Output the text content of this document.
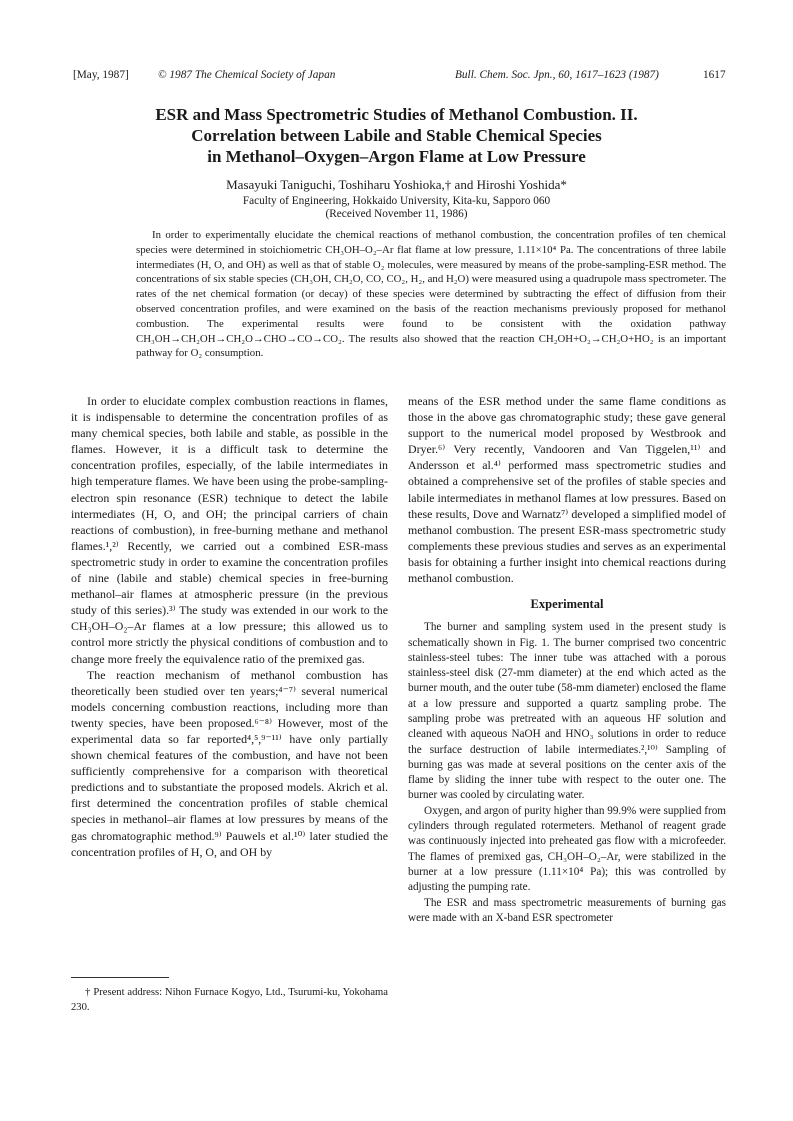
[May, 1987]	© 1987 The Chemical Society of Japan	Bull. Chem. Soc. Jpn., 60, 1617–1623 (1987)	1617
ESR and Mass Spectrometric Studies of Methanol Combustion. II.
Correlation between Labile and Stable Chemical Species
in Methanol–Oxygen–Argon Flame at Low Pressure
Masayuki Taniguchi, Toshiharu Yoshioka,† and Hiroshi Yoshida*
Faculty of Engineering, Hokkaido University, Kita-ku, Sapporo 060
(Received November 11, 1986)

In order to experimentally elucidate the chemical reactions of methanol combustion, the concentration profiles of ten chemical species were determined in stoichiometric CH₃OH–O₂–Ar flat flame at low pressure, 1.11×10⁴ Pa. The concentrations of three labile intermediates (H, O, and OH) as well as that of stable O₂ molecules, were measured by means of the probe-sampling-ESR method. The concentrations of six stable species (CH₃OH, CH₂O, CO, CO₂, H₂, and H₂O) were measured using a quadrupole mass spectrometer. The rates of the net chemical formation (or decay) of these species were determined by subtracting the effect of diffusion from their observed concentration profiles, and were examined on the basis of the reaction mechanisms previously proposed for methanol combustion. The experimental results were found to be consistent with the oxidation pathway CH₃OH→CH₂OH→CH₂O→CHO→CO→CO₂. The results also showed that the reaction CH₂OH+O₂→CH₂O+HO₂ is an important pathway for O₂ consumption.

In order to elucidate complex combustion reactions in flames, it is indispensable to determine the concentration profiles of as many chemical species, both labile and stable, as possible in the flames. However, it is a difficult task to determine the concentration profiles, especially, of the labile intermediates in high temperature flames. We have been using the probe-sampling-electron spin resonance (ESR) technique to detect the labile intermediates (H, O, and OH; the principal carriers of chain reactions of combustion), in free-burning methane and methanol flames.¹,²⁾ Recently, we carried out a combined ESR-mass spectrometric study in order to examine the concentration profiles of nine (labile and stable) chemical species in free-burning methanol–air flames at atmospheric pressure (in the previous study of this series).³⁾ The study was extended in our work to the CH₃OH–O₂–Ar flames at a low pressure; this allowed us to control more strictly the physical conditions of combustion and to change more freely the equivalence ratio of the premixed gas.

The reaction mechanism of methanol combustion has theoretically been studied over ten years;⁴⁻⁷⁾ several numerical models concerning combustion reactions, including more than twenty species, have been proposed.⁶⁻⁸⁾ However, most of the experimental data so far reported⁴,⁵,⁹⁻¹¹⁾ have only partially shown chemical features of the combustion, and have not been sufficiently comprehensive for a comparison with theoretical predictions and to substantiate the proposed models. Akrich et al. first determined the concentration profiles of stable chemical species in methanol–air flames at low pressures by means of the gas chromatographic method.⁹⁾ Pauwels et al.¹⁰⁾ later studied the concentration profiles of H, O, and OH by

means of the ESR method under the same flame conditions as those in the above gas chromatographic study; these gave general support to the numerical model proposed by Westbrook and Dryer.⁶⁾ Very recently, Vandooren and Van Tiggelen,¹¹⁾ and Andersson et al.⁴⁾ performed mass spectrometric studies and obtained a comprehensive set of the profiles of stable species and labile intermediates in methanol flames at low pressures. Based on these results, Dove and Warnatz⁷⁾ developed a simplified model of methanol combustion. The present ESR-mass spectrometric study complements these previous studies and serves as an experimental basis for obtaining a further insight into chemical reactions during methanol combustion.

Experimental

The burner and sampling system used in the present study is schematically shown in Fig. 1. The burner comprised two concentric stainless-steel tubes: The inner tube was attached with a porous stainless-steel disk (27-mm diameter) at the end which acted as the burner mouth, and the outer tube (58-mm diameter) enclosed the flame at a low pressure and supported a quartz sampling probe. The sampling probe was pretreated with an aqueous HF solution and cleaned with aqueous NaOH and HNO₃ solutions in order to reduce the surface destruction of labile intermediates.²,¹⁰⁾ Sampling of burning gas was made at several positions on the center axis of the flame by sliding the inner tube with respect to the outer one. The burner was cooled by circulating water.

Oxygen, and argon of purity higher than 99.9% were supplied from cylinders through regulated rotermeters. Methanol of reagent grade was continuously injected into preheated gas flow with a microfeeder. The flames of premixed gas, CH₃OH–O₂–Ar, were stabilized in the burner at a low pressure (1.11×10⁴ Pa); this was controlled by adjusting the pumping rate.

The ESR and mass spectrometric measurements of burning gas were made with an X-band ESR spectrometer

† Present address: Nihon Furnace Kogyo, Ltd., Tsurumi-ku, Yokohama 230.
